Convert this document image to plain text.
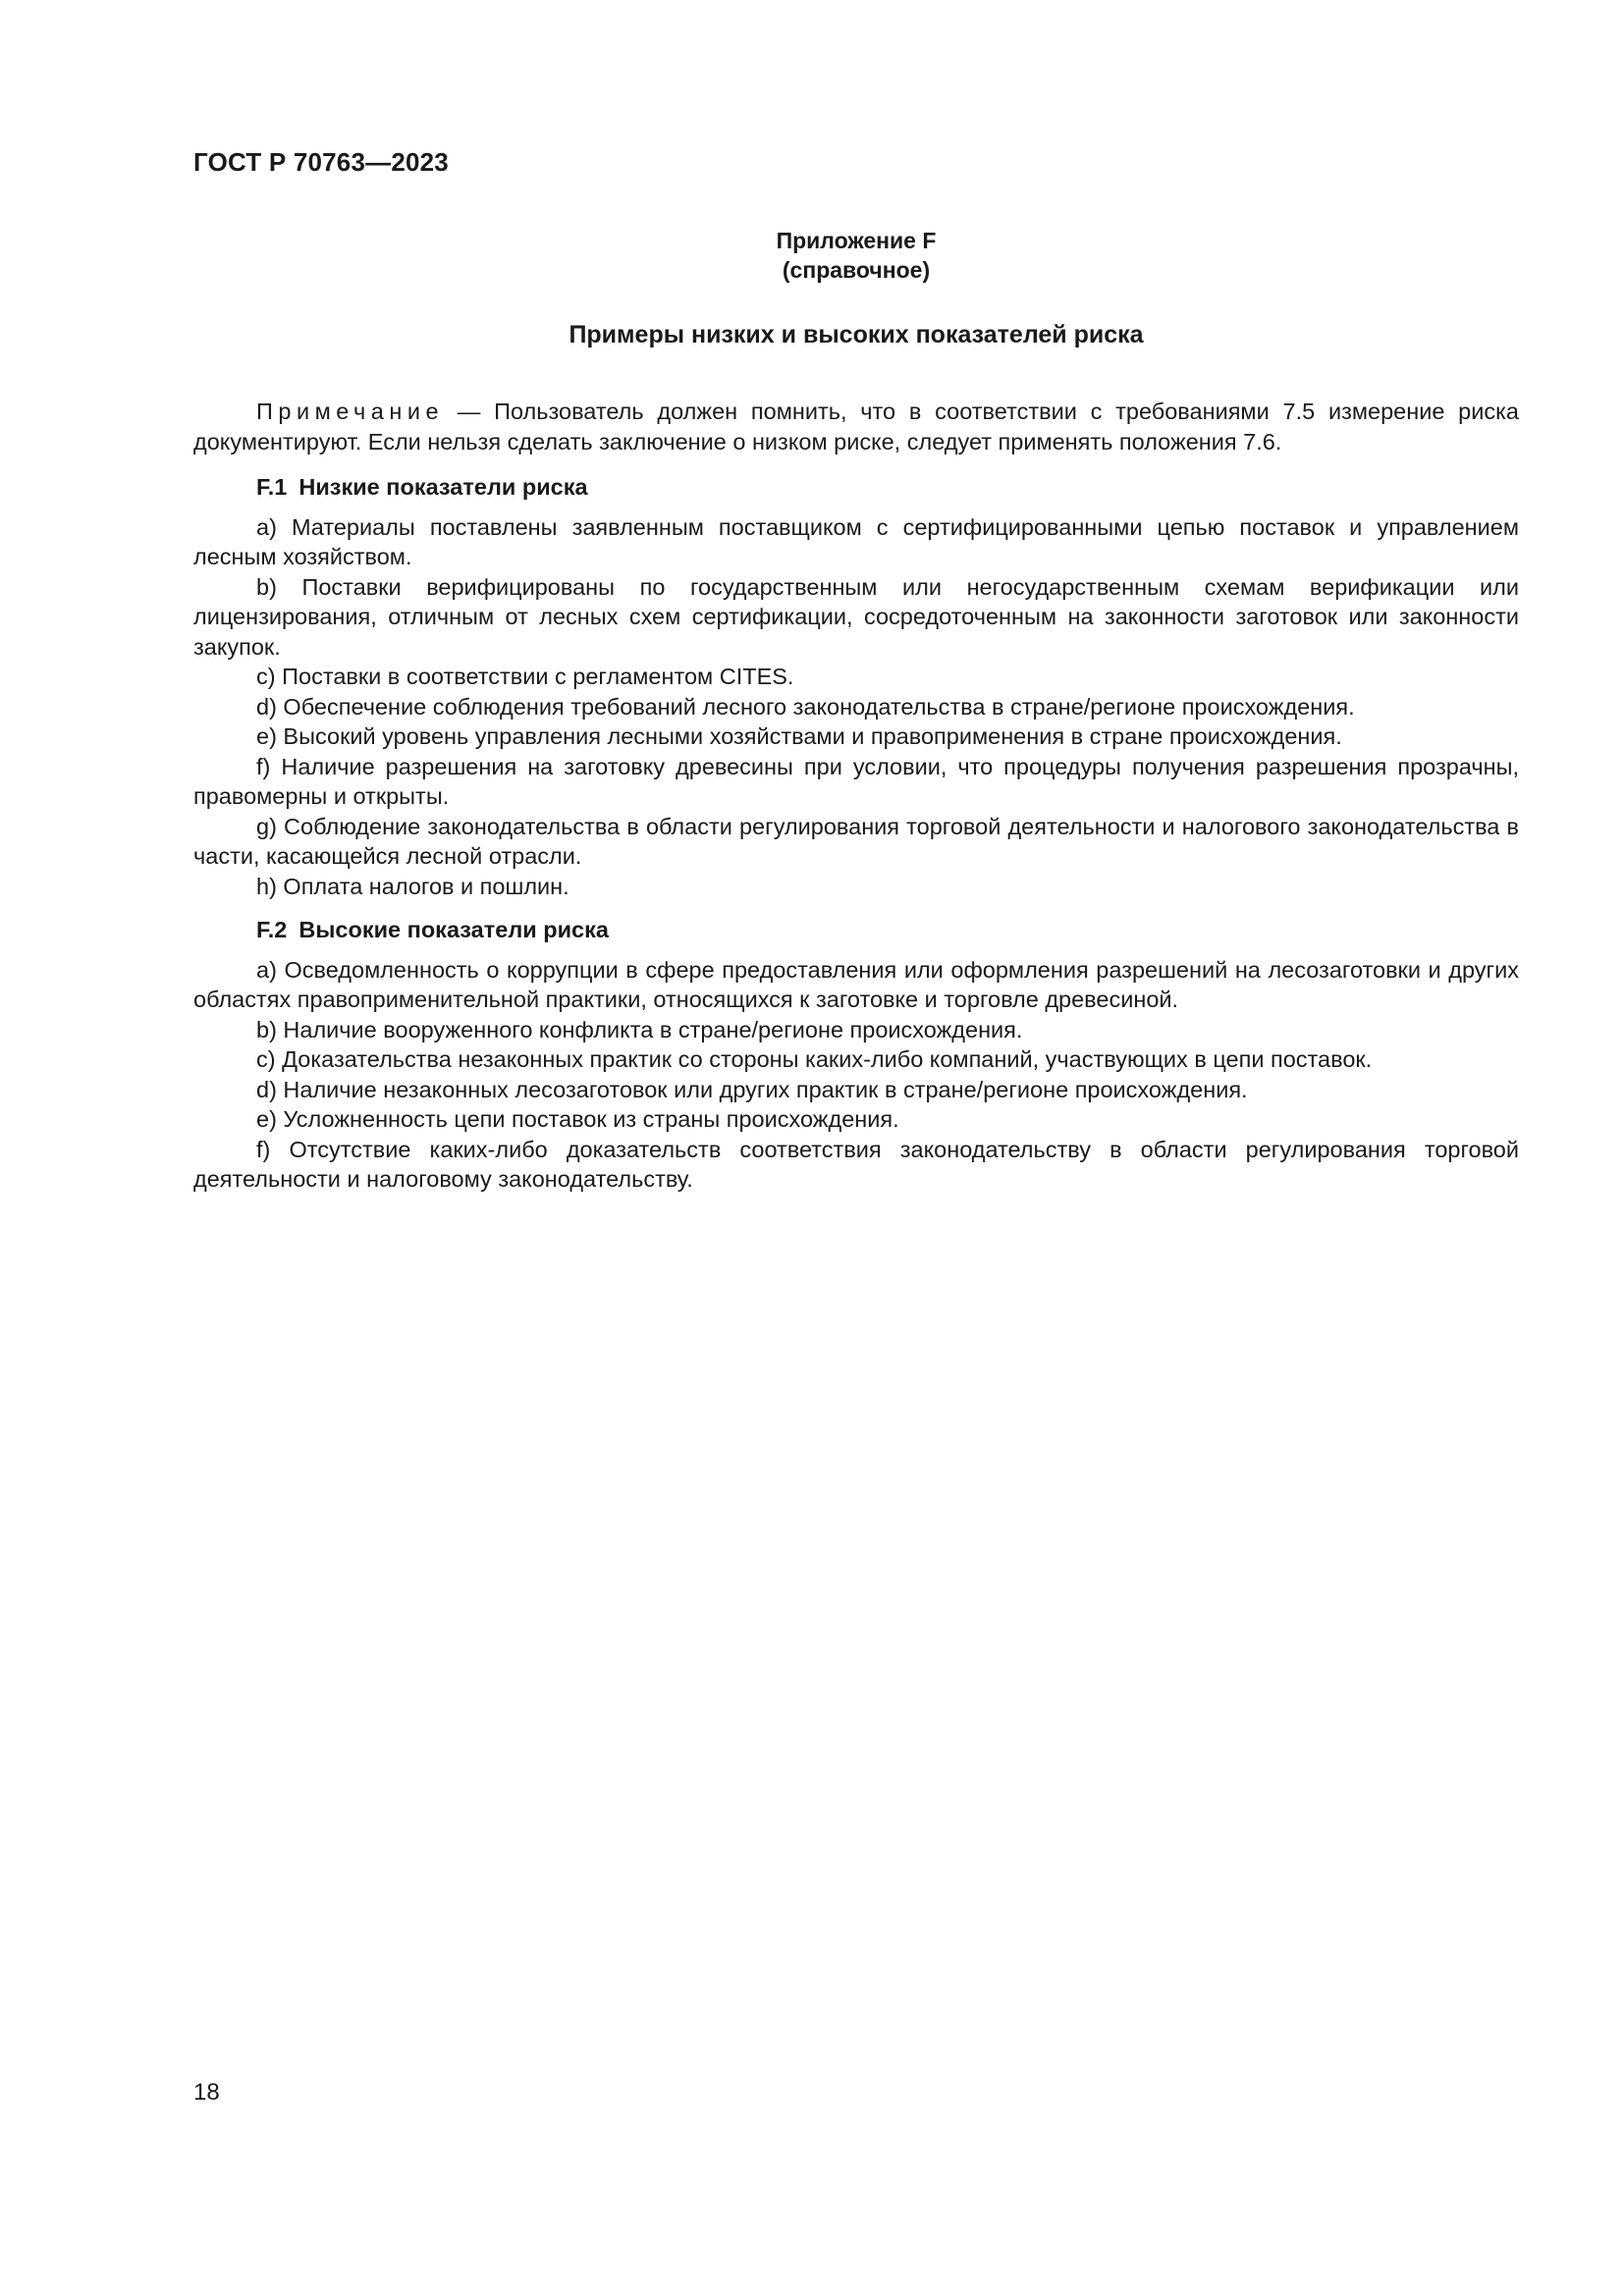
ГОСТ Р 70763—2023
Приложение F
(справочное)
Примеры низких и высоких показателей риска

Примечание — Пользователь должен помнить, что в соответствии с требованиями 7.5 измерение риска документируют. Если нельзя сделать заключение о низком риске, следует применять положения 7.6.

F.1 Низкие показатели риска

a) Материалы поставлены заявленным поставщиком с сертифицированными цепью поставок и управлением лесным хозяйством.

b) Поставки верифицированы по государственным или негосударственным схемам верификации или лицензирования, отличным от лесных схем сертификации, сосредоточенным на законности заготовок или законности закупок.

c) Поставки в соответствии с регламентом CITES.

d) Обеспечение соблюдения требований лесного законодательства в стране/регионе происхождения.

e) Высокий уровень управления лесными хозяйствами и правоприменения в стране происхождения.

f) Наличие разрешения на заготовку древесины при условии, что процедуры получения разрешения прозрачны, правомерны и открыты.

g) Соблюдение законодательства в области регулирования торговой деятельности и налогового законодательства в части, касающейся лесной отрасли.

h) Оплата налогов и пошлин.

F.2 Высокие показатели риска

a) Осведомленность о коррупции в сфере предоставления или оформления разрешений на лесозаготовки и других областях правоприменительной практики, относящихся к заготовке и торговле древесиной.

b) Наличие вооруженного конфликта в стране/регионе происхождения.

c) Доказательства незаконных практик со стороны каких-либо компаний, участвующих в цепи поставок.

d) Наличие незаконных лесозаготовок или других практик в стране/регионе происхождения.

e) Усложненность цепи поставок из страны происхождения.

f) Отсутствие каких-либо доказательств соответствия законодательству в области регулирования торговой деятельности и налоговому законодательству.

18
